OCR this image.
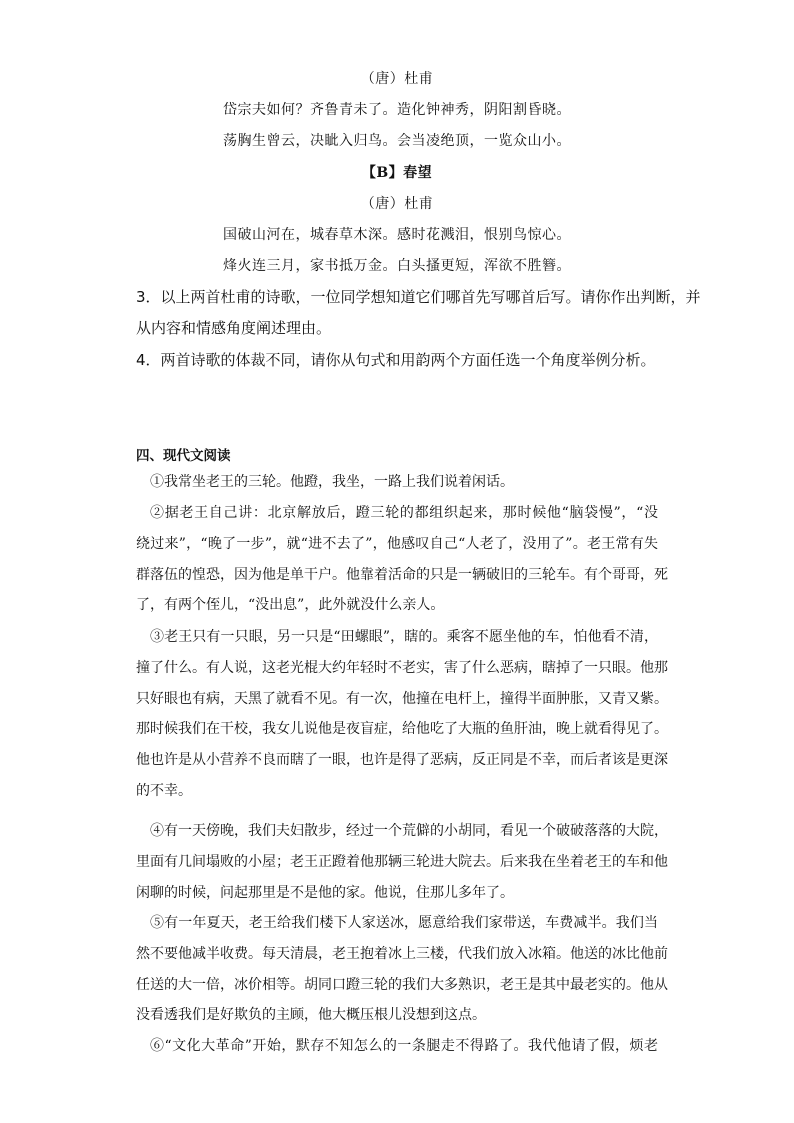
（唐）杜甫
岱宗夫如何？齐鲁青未了。造化钟神秀，阴阳割昏晓。
荡胸生曾云，决眦入归鸟。会当凌绝顶，一览众山小。
【B】春望
（唐）杜甫
国破山河在，城春草木深。感时花溅泪，恨别鸟惊心。
烽火连三月，家书抵万金。白头搔更短，浑欲不胜簪。
3．以上两首杜甫的诗歌，一位同学想知道它们哪首先写哪首后写。请你作出判断，并
从内容和情感角度阐述理由。
4．两首诗歌的体裁不同，请你从句式和用韵两个方面任选一个角度举例分析。
四、现代文阅读
①我常坐老王的三轮。他蹬，我坐，一路上我们说着闲话。
②据老王自己讲：北京解放后，蹬三轮的都组织起来，那时候他“脑袋慢”，“没
绕过来”，“晚了一步”，就“进不去了”，他感叹自己“人老了，没用了”。老王常有失
群落伍的惶恐，因为他是单干户。他靠着活命的只是一辆破旧的三轮车。有个哥哥，死
了，有两个侄儿，“没出息”，此外就没什么亲人。
③老王只有一只眼，另一只是“田螺眼”，瞎的。乘客不愿坐他的车，怕他看不清，
撞了什么。有人说，这老光棍大约年轻时不老实，害了什么恶病，瞎掉了一只眼。他那
只好眼也有病，天黑了就看不见。有一次，他撞在电杆上，撞得半面肿胀，又青又紫。
那时候我们在干校，我女儿说他是夜盲症，给他吃了大瓶的鱼肝油，晚上就看得见了。
他也许是从小营养不良而瞎了一眼，也许是得了恶病，反正同是不幸，而后者该是更深
的不幸。
④有一天傍晚，我们夫妇散步，经过一个荒僻的小胡同，看见一个破破落落的大院，
里面有几间塌败的小屋；老王正蹬着他那辆三轮进大院去。后来我在坐着老王的车和他
闲聊的时候，问起那里是不是他的家。他说，住那儿多年了。
⑤有一年夏天，老王给我们楼下人家送冰，愿意给我们家带送，车费减半。我们当
然不要他减半收费。每天清晨，老王抱着冰上三楼，代我们放入冰箱。他送的冰比他前
任送的大一倍，冰价相等。胡同口蹬三轮的我们大多熟识，老王是其中最老实的。他从
没看透我们是好欺负的主顾，他大概压根儿没想到这点。
⑥“文化大革命”开始，默存不知怎么的一条腿走不得路了。我代他请了假，烦老
